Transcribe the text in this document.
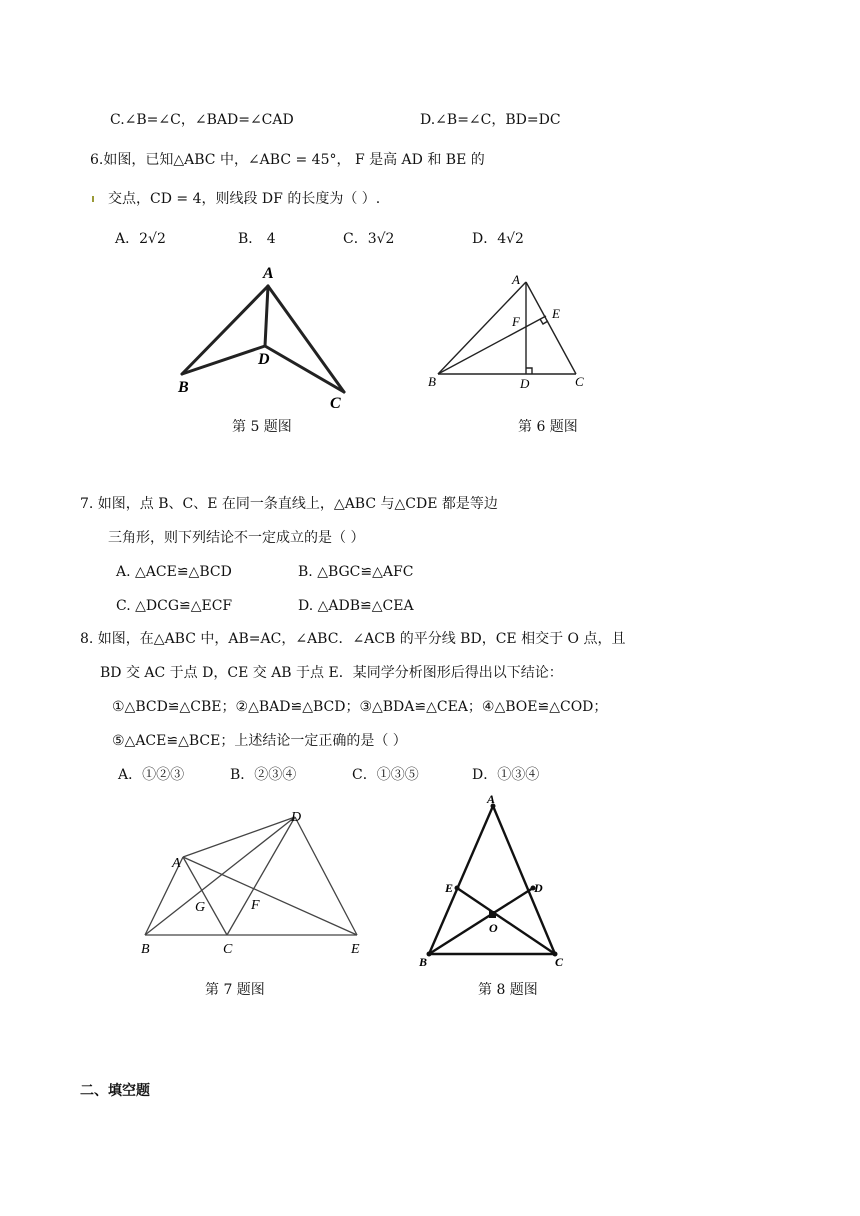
C.∠B=∠C，∠BAD=∠CAD	D.∠B=∠C，BD=DC
6.如图，已知△ABC 中，∠ABC = 45°， F 是高 AD 和 BE 的
交点，CD = 4，则线段 DF 的长度为（ ）.
A．2√2	B． 4	C．3√2	D．4√2
A
B
C
D
第 5 题图
A
B	C
D
E
F
第 6 题图
7. 如图，点 B、C、E 在同一条直线上，△ABC 与△CDE 都是等边
三角形，则下列结论不一定成立的是（ ）
A. △ACE≌△BCD	B. △BGC≌△AFC
C. △DCG≌△ECF	D. △ADB≌△CEA
8. 如图，在△ABC 中，AB=AC，∠ABC．∠ACB 的平分线 BD，CE 相交于 O 点，且
BD 交 AC 于点 D，CE 交 AB 于点 E．某同学分析图形后得出以下结论：
①△BCD≌△CBE；②△BAD≌△BCD；③△BDA≌△CEA；④△BOE≌△COD；
⑤△ACE≌△BCE；上述结论一定正确的是（ ）
A．①②③	B．②③④	C．①③⑤	D．①③④
A
B	C
D
E
F
G
第 7 题图
A
B	C
D
E
O
第 8 题图
二、填空题
